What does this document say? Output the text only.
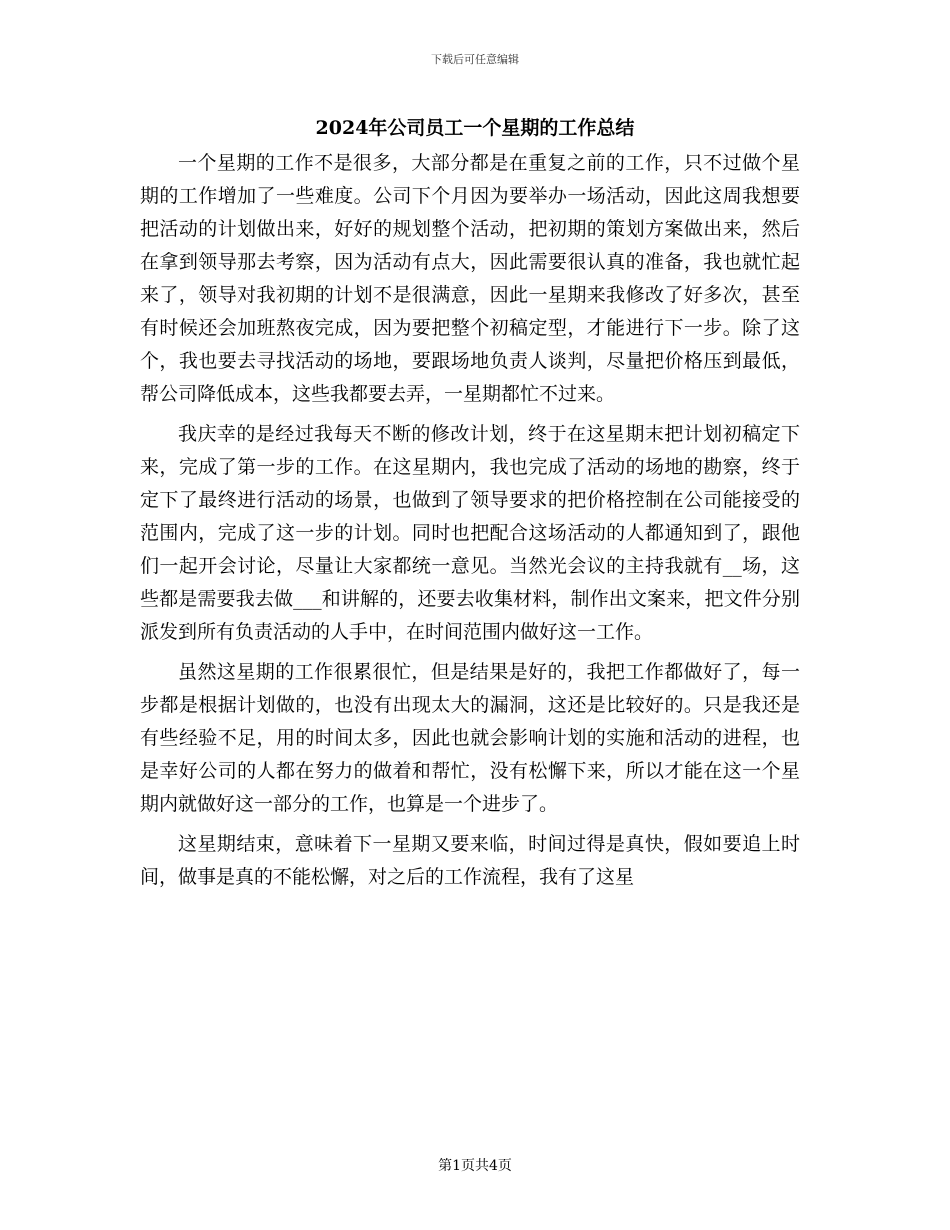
下载后可任意编辑
2024年公司员工一个星期的工作总结

一个星期的工作不是很多，大部分都是在重复之前的工作，只不过做个星期的工作增加了一些难度。公司下个月因为要举办一场活动，因此这周我想要把活动的计划做出来，好好的规划整个活动，把初期的策划方案做出来，然后在拿到领导那去考察，因为活动有点大，因此需要很认真的准备，我也就忙起来了，领导对我初期的计划不是很满意，因此一星期来我修改了好多次，甚至有时候还会加班熬夜完成，因为要把整个初稿定型，才能进行下一步。除了这个，我也要去寻找活动的场地，要跟场地负责人谈判，尽量把价格压到最低，帮公司降低成本，这些我都要去弄，一星期都忙不过来。

我庆幸的是经过我每天不断的修改计划，终于在这星期末把计划初稿定下来，完成了第一步的工作。在这星期内，我也完成了活动的场地的勘察，终于定下了最终进行活动的场景，也做到了领导要求的把价格控制在公司能接受的范围内，完成了这一步的计划。同时也把配合这场活动的人都通知到了，跟他们一起开会讨论，尽量让大家都统一意见。当然光会议的主持我就有__场，这些都是需要我去做___和讲解的，还要去收集材料，制作出文案来，把文件分别派发到所有负责活动的人手中，在时间范围内做好这一工作。

虽然这星期的工作很累很忙，但是结果是好的，我把工作都做好了，每一步都是根据计划做的，也没有出现太大的漏洞，这还是比较好的。只是我还是有些经验不足，用的时间太多，因此也就会影响计划的实施和活动的进程，也是幸好公司的人都在努力的做着和帮忙，没有松懈下来，所以才能在这一个星期内就做好这一部分的工作，也算是一个进步了。

这星期结束，意味着下一星期又要来临，时间过得是真快，假如要追上时间，做事是真的不能松懈，对之后的工作流程，我有了这星

第1页共4页
